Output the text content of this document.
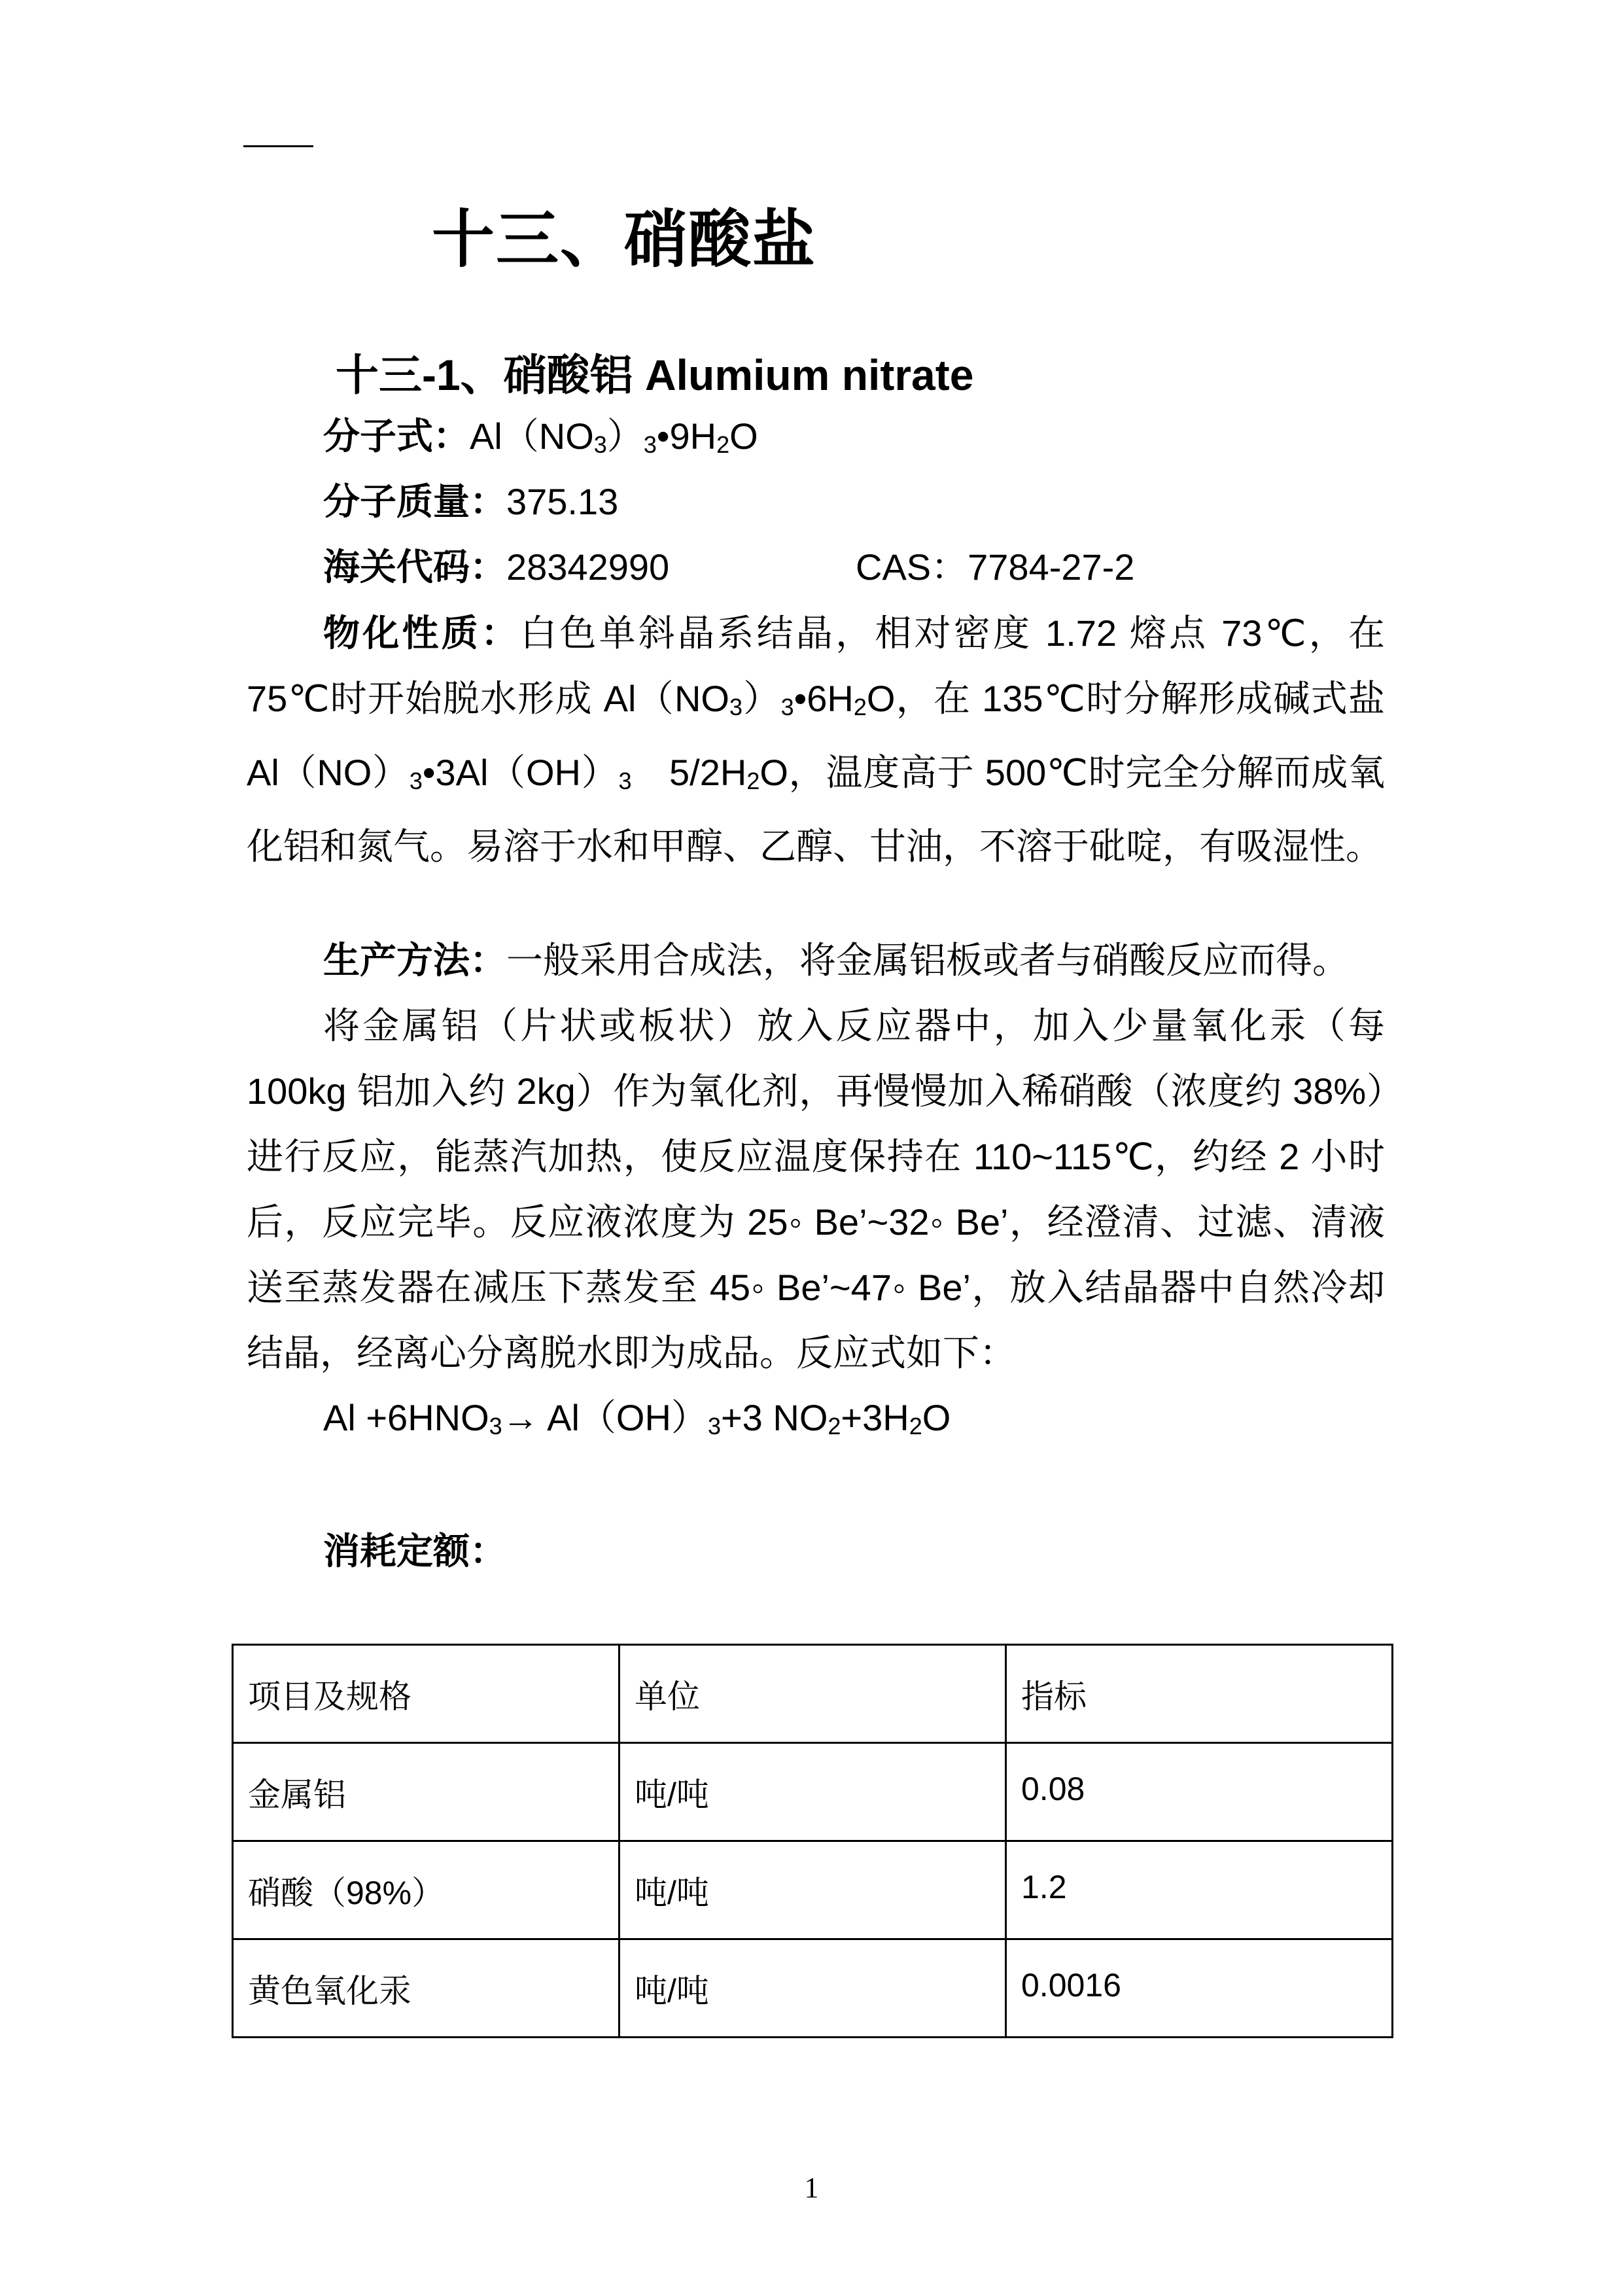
十三、硝酸盐
十三-1、硝酸铝 Alumium nitrate
分子式：$Al(NO_3)_3•9H_2O$
分子质量：375.13
海关代码：28342990	CAS：7784-27-2
物化性质：白色单斜晶系结晶，相对密度 1.72 熔点 73℃，在 75℃时开始脱水形成 $Al(NO_3)_3•6H_2O$，在 135℃时分解形成碱式盐 $Al(NO)_3•3Al(OH)_3$　$5/2H_2O$，温度高于 500℃时完全分解而成氧化铝和氮气。易溶于水和甲醇、乙醇、甘油，不溶于砒啶，有吸湿性。
生产方法：一般采用合成法，将金属铝板或者与硝酸反应而得。
将金属铝（片状或板状）放入反应器中，加入少量氧化汞（每 100kg 铝加入约 2kg）作为氧化剂，再慢慢加入稀硝酸（浓度约 38%）进行反应，能蒸汽加热，使反应温度保持在 110~115℃，约经 2 小时后，反应完毕。反应液浓度为 25◦ Be’~32◦ Be’，经澄清、过滤、清液送至蒸发器在减压下蒸发至 45◦ Be’~47◦ Be’，放入结晶器中自然冷却结晶，经离心分离脱水即为成品。反应式如下：
$Al +6HNO_3\to Al(OH)_3+3$ $NO_2+3H_2O$
消耗定额：
项目及规格	单位	指标
金属铝	吨/吨	0.08
硝酸（98%）	吨/吨	1.2
黄色氧化汞	吨/吨	0.0016
1
